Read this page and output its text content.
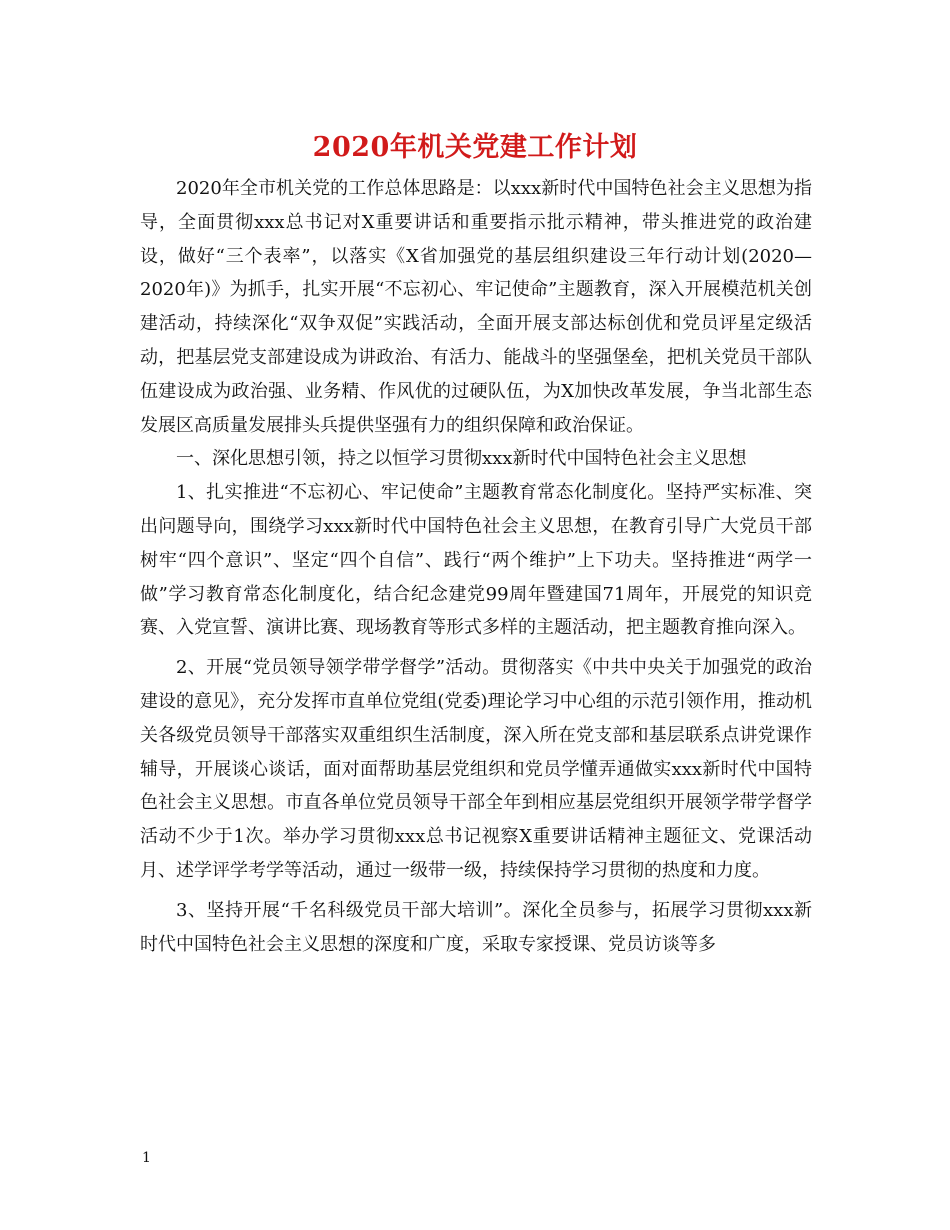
2020年机关党建工作计划

2020年全市机关党的工作总体思路是：以xxx新时代中国特色社会主义思想为指导，全面贯彻xxx总书记对X重要讲话和重要指示批示精神，带头推进党的政治建设，做好“三个表率”，以落实《X省加强党的基层组织建设三年行动计划(2020—2020年)》为抓手，扎实开展“不忘初心、牢记使命”主题教育，深入开展模范机关创建活动，持续深化“双争双促”实践活动，全面开展支部达标创优和党员评星定级活动，把基层党支部建设成为讲政治、有活力、能战斗的坚强堡垒，把机关党员干部队伍建设成为政治强、业务精、作风优的过硬队伍，为X加快改革发展，争当北部生态发展区高质量发展排头兵提供坚强有力的组织保障和政治保证。

一、深化思想引领，持之以恒学习贯彻xxx新时代中国特色社会主义思想

1、扎实推进“不忘初心、牢记使命”主题教育常态化制度化。坚持严实标准、突出问题导向，围绕学习xxx新时代中国特色社会主义思想，在教育引导广大党员干部树牢“四个意识”、坚定“四个自信”、践行“两个维护”上下功夫。坚持推进“两学一做”学习教育常态化制度化，结合纪念建党99周年暨建国71周年，开展党的知识竞赛、入党宣誓、演讲比赛、现场教育等形式多样的主题活动，把主题教育推向深入。

2、开展“党员领导领学带学督学”活动。贯彻落实《中共中央关于加强党的政治建设的意见》，充分发挥市直单位党组(党委)理论学习中心组的示范引领作用，推动机关各级党员领导干部落实双重组织生活制度，深入所在党支部和基层联系点讲党课作辅导，开展谈心谈话，面对面帮助基层党组织和党员学懂弄通做实xxx新时代中国特色社会主义思想。市直各单位党员领导干部全年到相应基层党组织开展领学带学督学活动不少于1次。举办学习贯彻xxx总书记视察X重要讲话精神主题征文、党课活动月、述学评学考学等活动，通过一级带一级，持续保持学习贯彻的热度和力度。

3、坚持开展“千名科级党员干部大培训”。深化全员参与，拓展学习贯彻xxx新时代中国特色社会主义思想的深度和广度，采取专家授课、党员访谈等多

1
